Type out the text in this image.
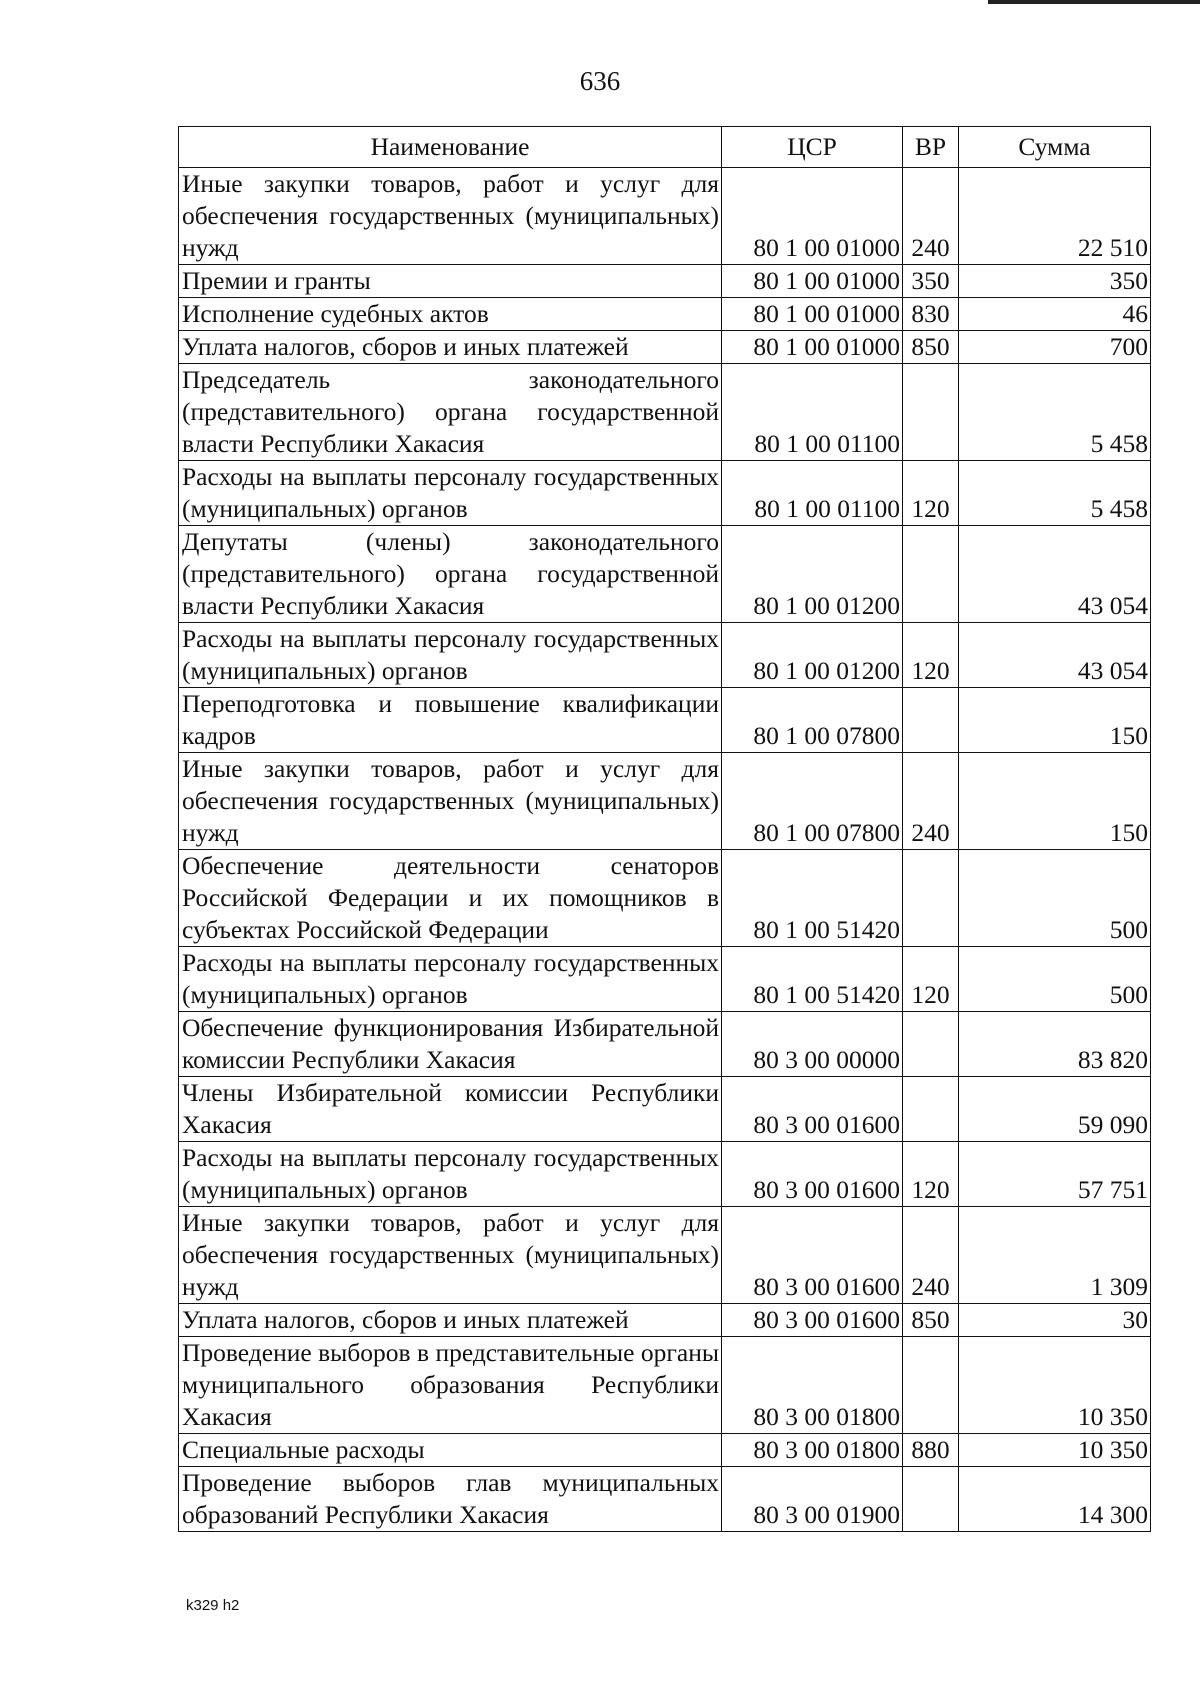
636
Наименование	ЦСР	ВР	Сумма
Иные закупки товаров, работ и услуг для обеспечения государственных (муниципальных) нужд	80 1 00 01000	240	22 510
Премии и гранты	80 1 00 01000	350	350
Исполнение судебных актов	80 1 00 01000	830	46
Уплата налогов, сборов и иных платежей	80 1 00 01000	850	700
Председатель законодательного (представительного) органа государственной власти Республики Хакасия	80 1 00 01100		5 458
Расходы на выплаты персоналу государственных (муниципальных) органов	80 1 00 01100	120	5 458
Депутаты (члены) законодательного (представительного) органа государственной власти Республики Хакасия	80 1 00 01200		43 054
Расходы на выплаты персоналу государственных (муниципальных) органов	80 1 00 01200	120	43 054
Переподготовка и повышение квалификации кадров	80 1 00 07800		150
Иные закупки товаров, работ и услуг для обеспечения государственных (муниципальных) нужд	80 1 00 07800	240	150
Обеспечение деятельности сенаторов Российской Федерации и их помощников в субъектах Российской Федерации	80 1 00 51420		500
Расходы на выплаты персоналу государственных (муниципальных) органов	80 1 00 51420	120	500
Обеспечение функционирования Избирательной комиссии Республики Хакасия	80 3 00 00000		83 820
Члены Избирательной комиссии Республики Хакасия	80 3 00 01600		59 090
Расходы на выплаты персоналу государственных (муниципальных) органов	80 3 00 01600	120	57 751
Иные закупки товаров, работ и услуг для обеспечения государственных (муниципальных) нужд	80 3 00 01600	240	1 309
Уплата налогов, сборов и иных платежей	80 3 00 01600	850	30
Проведение выборов в представительные органы муниципального образования Республики Хакасия	80 3 00 01800		10 350
Специальные расходы	80 3 00 01800	880	10 350
Проведение выборов глав муниципальных образований Республики Хакасия	80 3 00 01900		14 300
k329 h2
